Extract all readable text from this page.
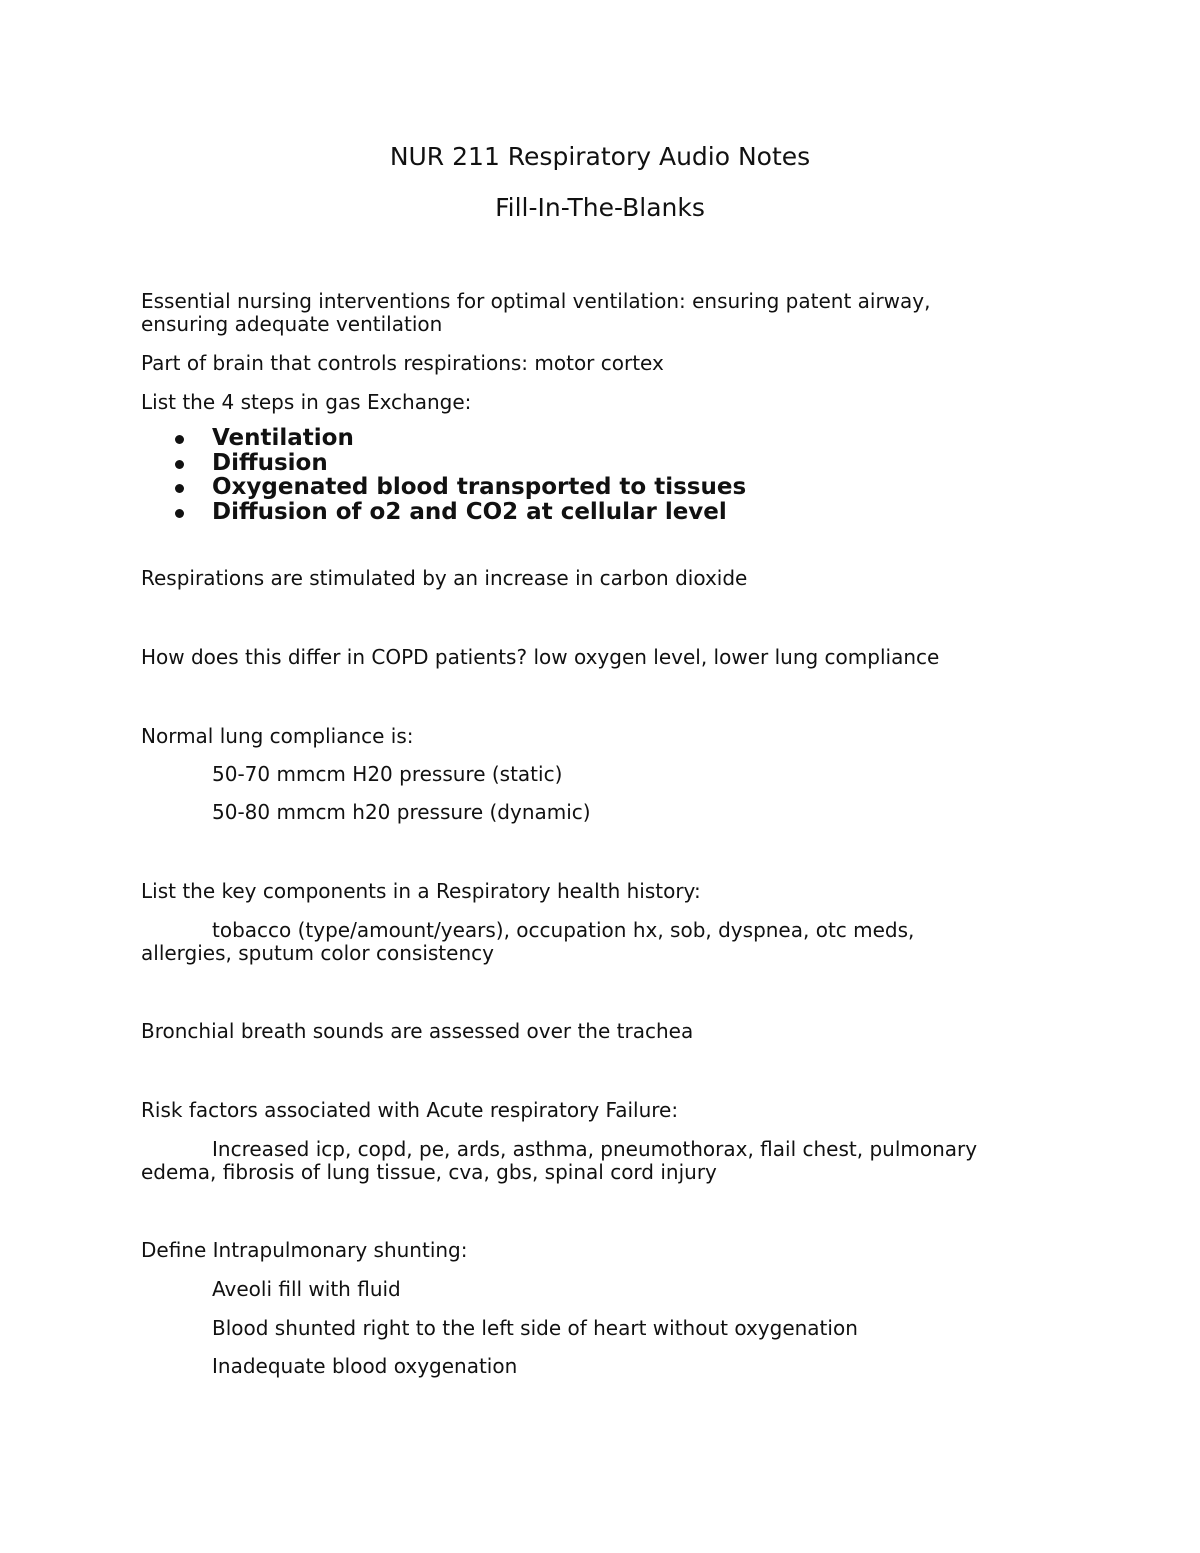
NUR 211 Respiratory Audio Notes
Fill-In-The-Blanks
Essential nursing interventions for optimal ventilation: ensuring patent airway,
ensuring adequate ventilation
Part of brain that controls respirations: motor cortex
List the 4 steps in gas Exchange:
Ventilation
Diffusion
Oxygenated blood transported to tissues
Diffusion of o2 and CO2 at cellular level
Respirations are stimulated by an increase in carbon dioxide
How does this differ in COPD patients? low oxygen level, lower lung compliance
Normal lung compliance is:
50-70 mmcm H20 pressure (static)
50-80 mmcm h20 pressure (dynamic)
List the key components in a Respiratory health history:
tobacco (type/amount/years), occupation hx, sob, dyspnea, otc meds,
allergies, sputum color consistency
Bronchial breath sounds are assessed over the trachea
Risk factors associated with Acute respiratory Failure:
Increased icp, copd, pe, ards, asthma, pneumothorax, flail chest, pulmonary
edema, fibrosis of lung tissue, cva, gbs, spinal cord injury
Define Intrapulmonary shunting:
Aveoli fill with fluid
Blood shunted right to the left side of heart without oxygenation
Inadequate blood oxygenation
